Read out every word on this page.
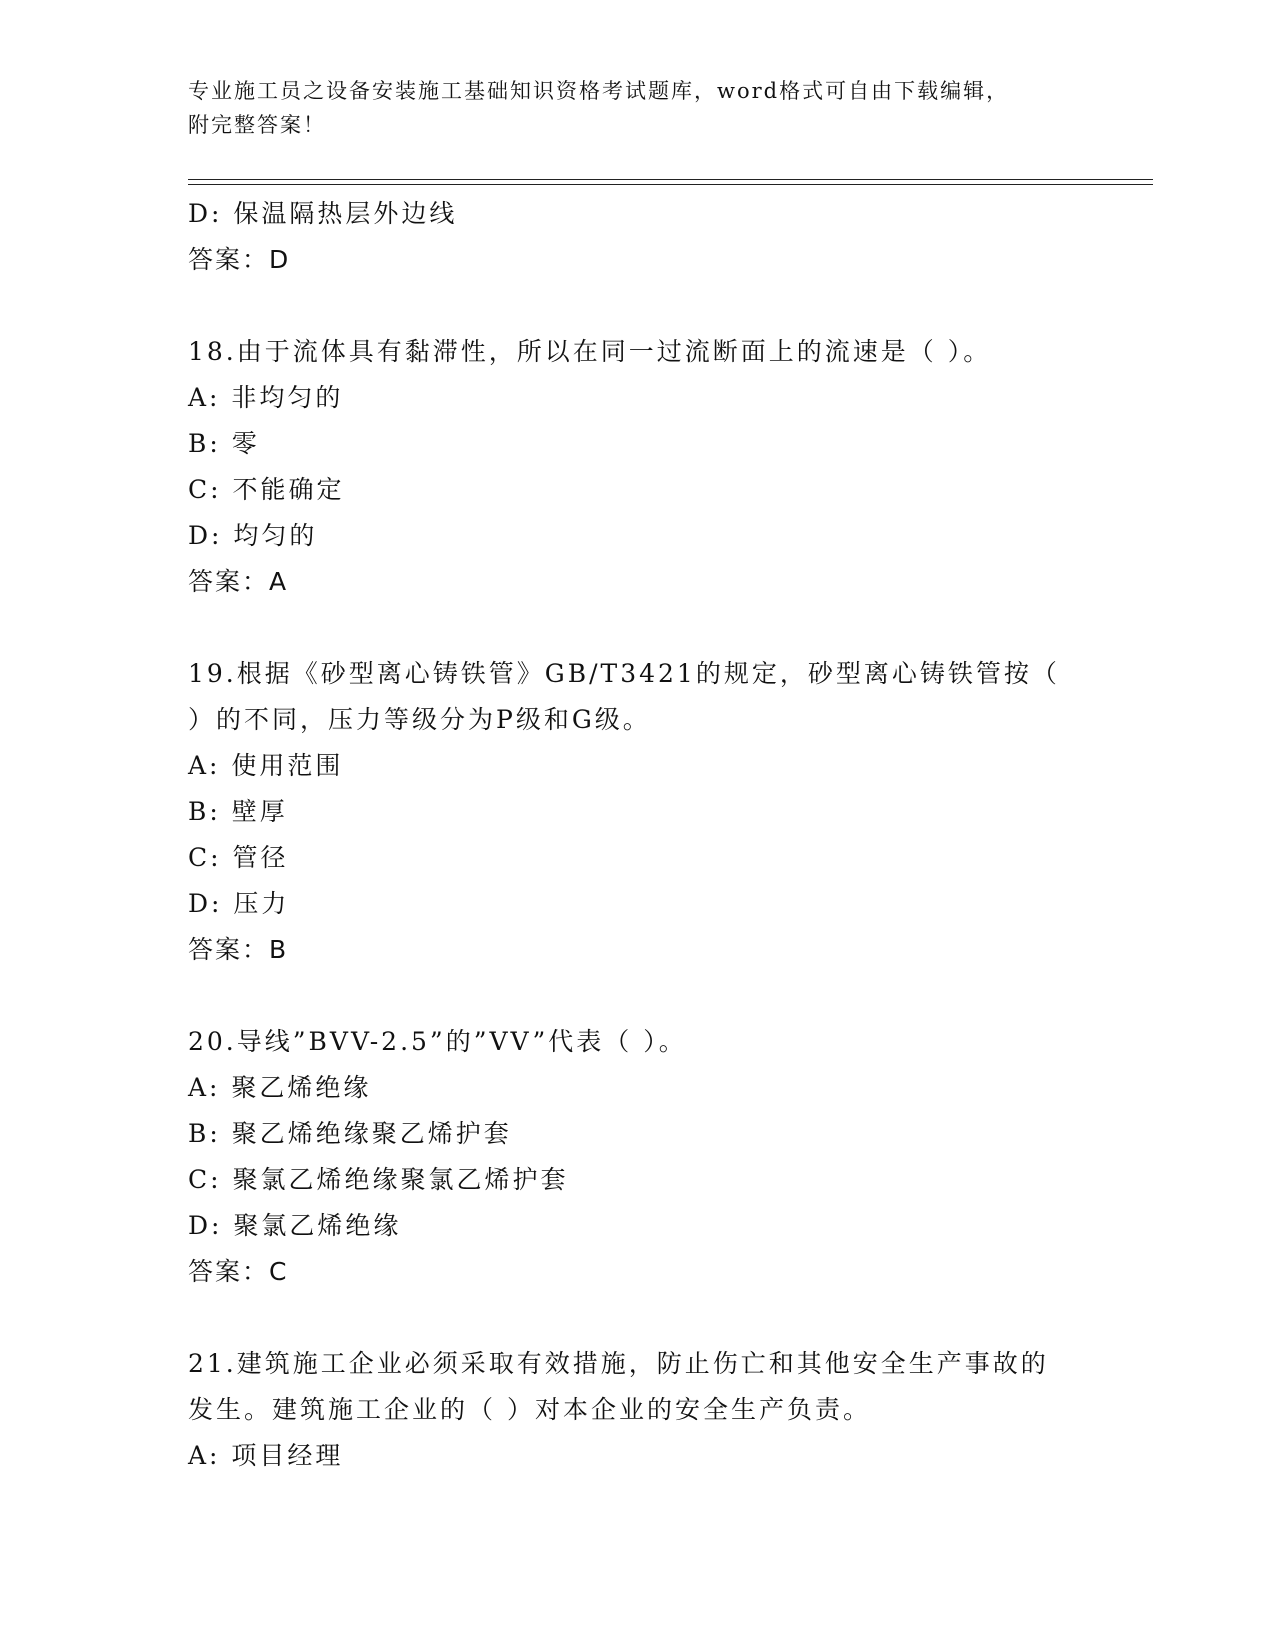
专业施工员之设备安装施工基础知识资格考试题库，word格式可自由下载编辑，
附完整答案！
D: 保温隔热层外边线
答案：D
18.由于流体具有黏滞性，所以在同一过流断面上的流速是（ ）。
A: 非均匀的
B: 零
C: 不能确定
D: 均匀的
答案：A
19.根据《砂型离心铸铁管》GB/T3421的规定，砂型离心铸铁管按（
）的不同，压力等级分为P级和G级。
A: 使用范围
B: 壁厚
C: 管径
D: 压力
答案：B
20.导线”BVV-2.5”的”VV”代表（ ）。
A: 聚乙烯绝缘
B: 聚乙烯绝缘聚乙烯护套
C: 聚氯乙烯绝缘聚氯乙烯护套
D: 聚氯乙烯绝缘
答案：C
21.建筑施工企业必须采取有效措施，防止伤亡和其他安全生产事故的
发生。建筑施工企业的（ ）对本企业的安全生产负责。
A: 项目经理
